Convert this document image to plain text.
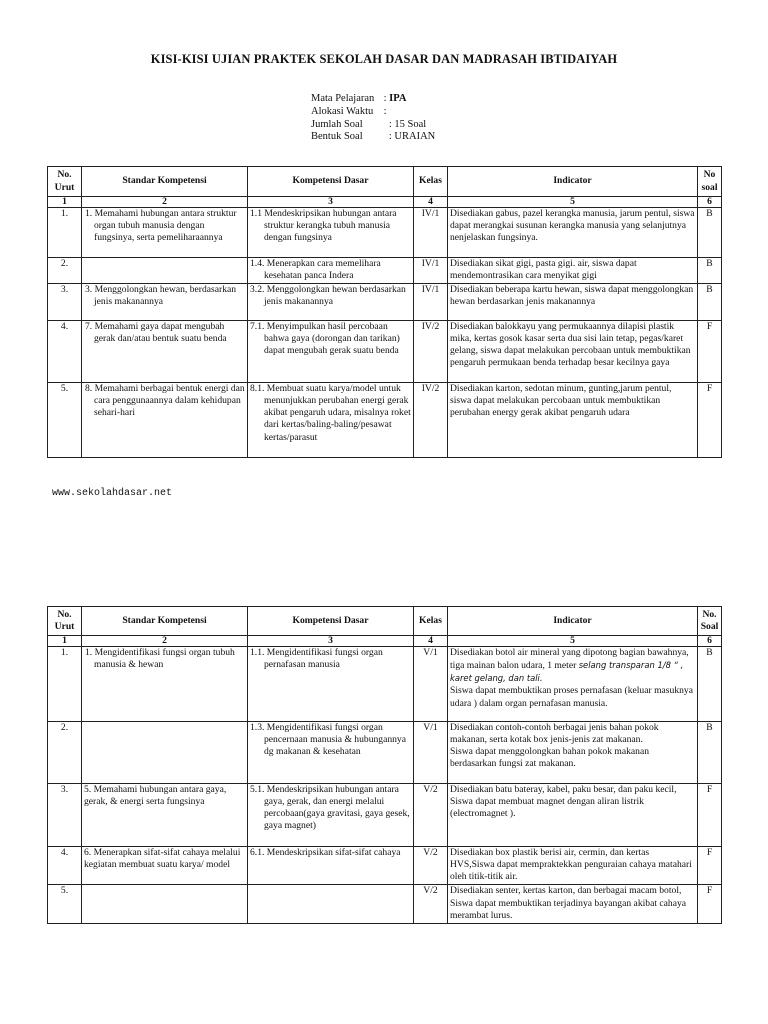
KISI-KISI UJIAN PRAKTEK SEKOLAH DASAR DAN MADRASAH IBTIDAIYAH
Mata Pelajaran : IPA
Alokasi Waktu :
Jumlah Soal	: 15 Soal
Bentuk Soal	: URAIAN
No. Urut	Standar Kompetensi	Kompetensi Dasar	Kelas	Indicator	No soal
1	2	3	4	5	6
1.	1. Memahami hubungan antara struktur organ tubuh manusia dengan fungsinya, serta pemeliharaannya	1.1 Mendeskripsikan hubungan antara struktur kerangka tubuh manusia dengan fungsinya	IV/1	Disediakan gabus, pazel kerangka manusia, jarum pentul, siswa dapat merangkai susunan kerangka manusia yang selanjutnya nenjelaskan fungsinya.	B
2.		1.4. Menerapkan cara memelihara kesehatan panca Indera	IV/1	Disediakan sikat gigi, pasta gigi. air, siswa dapat mendemontrasikan cara menyikat gigi	B
3.	3. Menggolongkan hewan, berdasarkan jenis makanannya	3.2. Menggolongkan hewan berdasarkan jenis makanannya	IV/1	Disediakan beberapa kartu hewan, siswa dapat menggolongkan hewan berdasarkan jenis makanannya	B
4.	7. Memahami gaya dapat mengubah gerak dan/atau bentuk suatu benda	7.1. Menyimpulkan hasil percobaan bahwa gaya (dorongan dan tarikan) dapat mengubah gerak suatu benda	IV/2	Disediakan balokkayu yang permukaannya dilapisi plastik mika, kertas gosok kasar serta dua sisi lain tetap, pegas/karet gelang, siswa dapat melakukan percobaan untuk membuktikan pengaruh permukaan benda terhadap besar kecilnya gaya	F
5.	8. Memahami berbagai bentuk energi dan cara penggunaannya dalam kehidupan sehari-hari	8.1. Membuat suatu karya/model untuk menunjukkan perubahan energi gerak akibat pengaruh udara, misalnya roket dari kertas/baling-baling/pesawat kertas/parasut	IV/2	Disediakan karton, sedotan minum, gunting,jarum pentul, siswa dapat melakukan percobaan untuk membuktikan perubahan energy gerak akibat pengaruh udara	F
www.sekolahdasar.net
No. Urut	Standar Kompetensi	Kompetensi Dasar	Kelas	Indicator	No. Soal
1	2	3	4	5	6
1.	1. Mengidentifikasi fungsi organ tubuh manusia & hewan	1.1. Mengidentifikasi fungsi organ pernafasan manusia	V/1	Disediakan botol air mineral yang dipotong bagian bawahnya, tiga mainan balon udara, 1 meter selang transparan 1/8 “ , karet gelang, dan tali.
Siswa dapat membuktikan proses pernafasan (keluar masuknya udara ) dalam organ pernafasan manusia.	B
2.		1.3. Mengidentifikasi fungsi organ pencernaan manusia & hubungannya dg makanan & kesehatan	V/1	Disediakan contoh-contoh berbagai jenis bahan pokok makanan, serta kotak box jenis-jenis zat makanan.
Siswa dapat menggolongkan bahan pokok makanan berdasarkan fungsi zat makanan.	B
3.	5. Memahami hubungan antara gaya, gerak, & energi serta fungsinya	5.1. Mendeskripsikan hubungan antara gaya, gerak, dan energi melalui percobaan(gaya gravitasi, gaya gesek, gaya magnet)	V/2	Disediakan batu bateray, kabel, paku besar, dan paku kecil, Siswa dapat membuat magnet dengan aliran listrik (electromagnet ).	F
4.	6. Menerapkan sifat-sifat cahaya melalui kegiatan membuat suatu karya/ model	6.1. Mendeskripsikan sifat-sifat cahaya	V/2	Disediakan box plastik berisi air, cermin, dan kertas HVS,Siswa dapat mempraktekkan penguraian cahaya matahari oleh titik-titik air.	F
5.			V/2	Disediakan senter, kertas karton, dan berbagai macam botol, Siswa dapat membuktikan terjadinya bayangan akibat cahaya merambat lurus.	F
